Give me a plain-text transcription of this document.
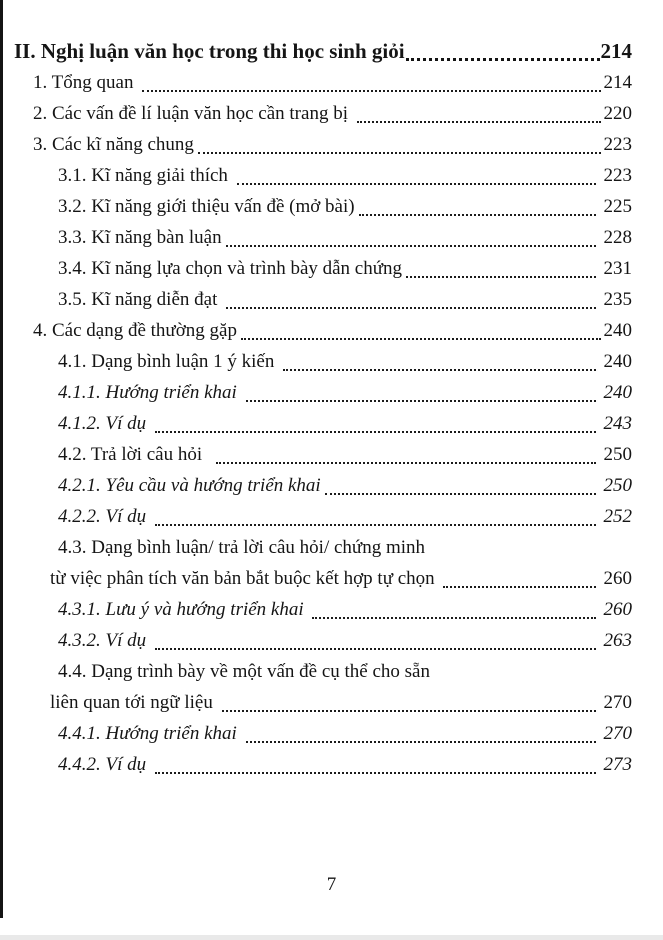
II. Nghị luận văn học trong thi học sinh giỏi	214
1. Tổng quan	214
2. Các vấn đề lí luận văn học cần trang bị	220
3. Các kĩ năng chung	223
3.1. Kĩ năng giải thích	223
3.2. Kĩ năng giới thiệu vấn đề (mở bài)	225
3.3. Kĩ năng bàn luận	228
3.4. Kĩ năng lựa chọn và trình bày dẫn chứng	231
3.5. Kĩ năng diễn đạt	235
4. Các dạng đề thường gặp	240
4.1. Dạng bình luận 1 ý kiến	240
4.1.1. Hướng triển khai	240
4.1.2. Ví dụ	243
4.2. Trả lời câu hỏi	250
4.2.1. Yêu cầu và hướng triển khai	250
4.2.2. Ví dụ	252
4.3. Dạng bình luận/ trả lời câu hỏi/ chứng minh
từ việc phân tích văn bản bắt buộc kết hợp tự chọn	260
4.3.1. Lưu ý và hướng triển khai	260
4.3.2. Ví dụ	263
4.4. Dạng trình bày về một vấn đề cụ thể cho sẵn
liên quan tới ngữ liệu	270
4.4.1. Hướng triển khai	270
4.4.2. Ví dụ	273
7
